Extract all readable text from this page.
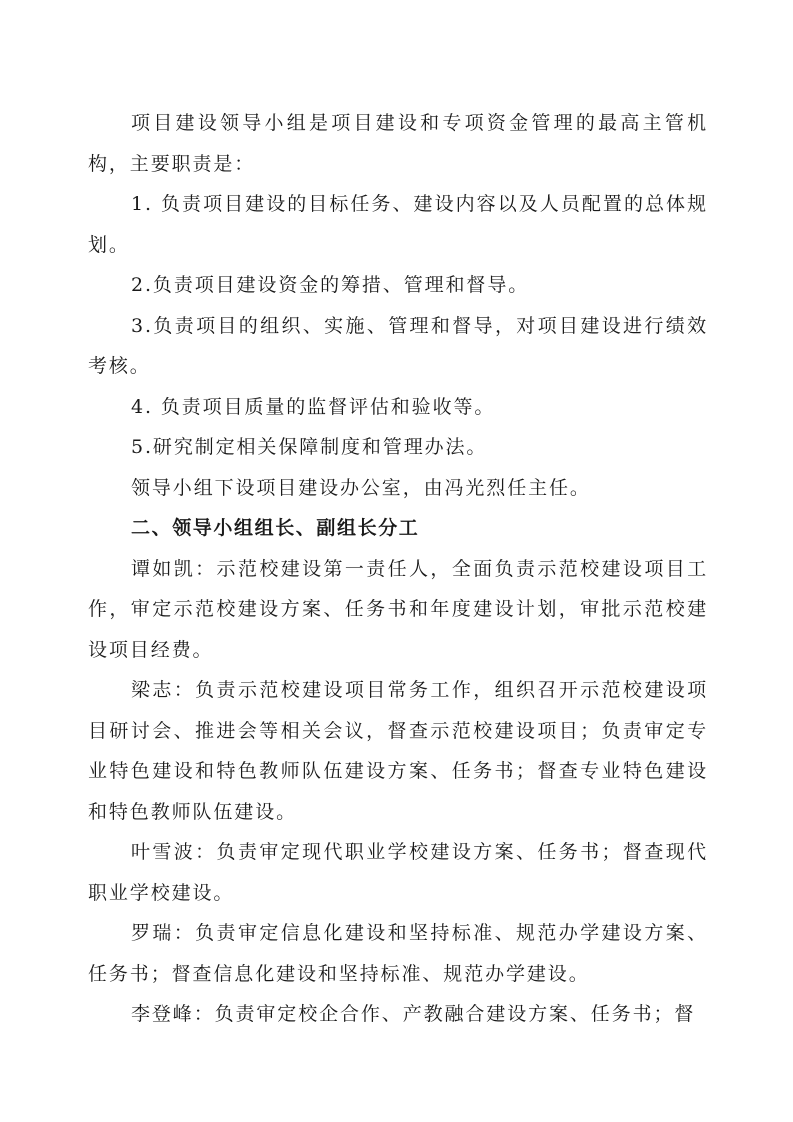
项目建设领导小组是项目建设和专项资金管理的最高主管机构，主要职责是：

1. 负责项目建设的目标任务、建设内容以及人员配置的总体规划。

2.负责项目建设资金的筹措、管理和督导。

3.负责项目的组织、实施、管理和督导，对项目建设进行绩效考核。

4. 负责项目质量的监督评估和验收等。

5.研究制定相关保障制度和管理办法。

领导小组下设项目建设办公室，由冯光烈任主任。

二、领导小组组长、副组长分工

谭如凯：示范校建设第一责任人，全面负责示范校建设项目工作，审定示范校建设方案、任务书和年度建设计划，审批示范校建设项目经费。

梁志：负责示范校建设项目常务工作，组织召开示范校建设项目研讨会、推进会等相关会议，督查示范校建设项目；负责审定专业特色建设和特色教师队伍建设方案、任务书；督查专业特色建设和特色教师队伍建设。

叶雪波：负责审定现代职业学校建设方案、任务书；督查现代职业学校建设。

罗瑞：负责审定信息化建设和坚持标准、规范办学建设方案、任务书；督查信息化建设和坚持标准、规范办学建设。

李登峰：负责审定校企合作、产教融合建设方案、任务书；督
